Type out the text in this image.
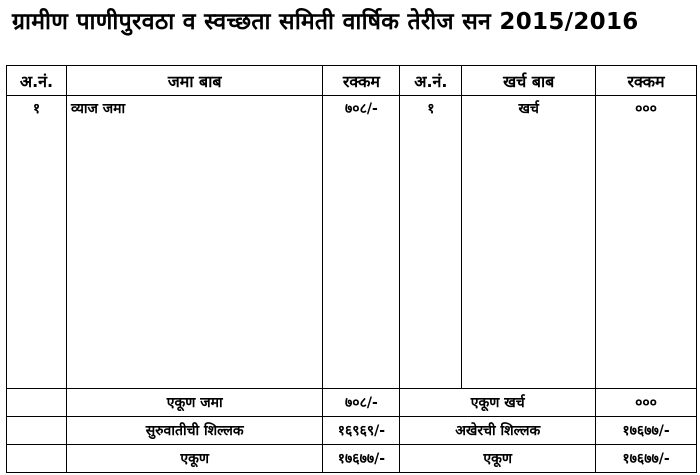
ग्रामीण पाणीपुरवठा व स्वच्छता समिती वार्षिक तेरीज सन 2015/2016
अ.नं.	जमा बाब	रक्कम	अ.नं.	खर्च बाब	रक्कम
१	व्याज जमा	७०८/-	१	खर्च	०००

	एकूण जमा	७०८/-	एकूण खर्च		०००
	सुरुवातीची शिल्लक	१६९६९/-	अखेरची शिल्लक		१७६७७/-
	एकूण	१७६७७/-	एकूण		१७६७७/-
